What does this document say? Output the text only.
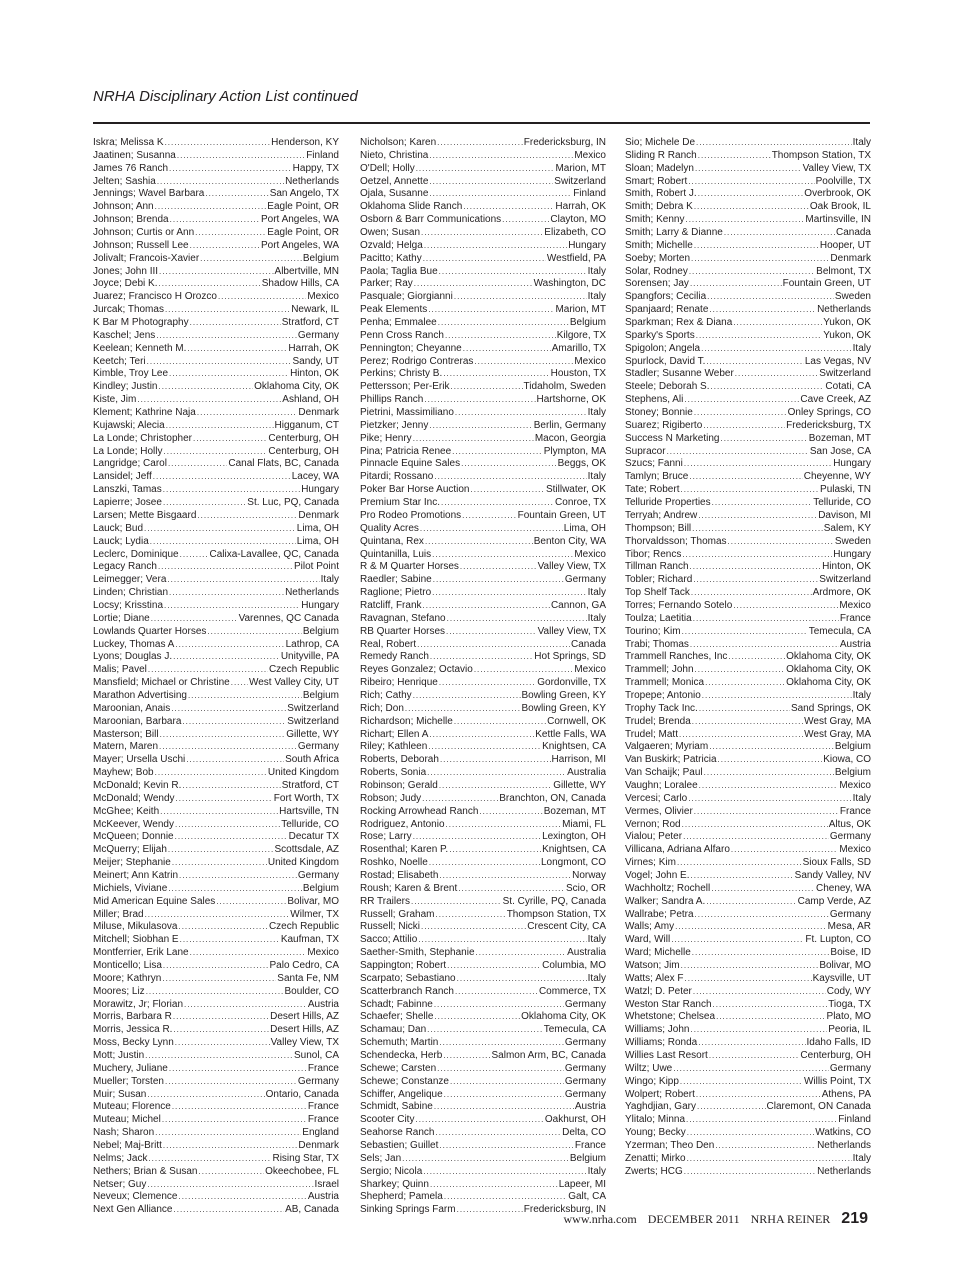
NRHA Disciplinary Action List continued
Iskra; Melissa K .....	Henderson, KY
Jaatinen; Susanna .....	Finland
James 76 Ranch .....	Happy, TX
Jelten; Sashia .....	Netherlands
Jennings; Wavel Barbara .....	San Angelo, TX
Johnson; Ann .....	Eagle Point, OR
Johnson; Brenda .....	Port Angeles, WA
Johnson; Curtis or Ann .....	Eagle Point, OR
Johnson; Russell Lee .....	Port Angeles, WA
Jolivalt; Francois-Xavier .....	Belgium
Jones; John III .....	Albertville, MN
Joyce; Debi K. .....	Shadow Hills, CA
Juarez; Francisco H Orozco .....	Mexico
Jurcak; Thomas .....	Newark, IL
K Bar M Photography .....	Stratford, CT
Kaschel; Jens .....	Germany
Keelean; Kenneth M. .....	Harrah, OK
Keetch; Teri .....	Sandy, UT
Kimble, Troy Lee .....	Hinton, OK
Kindley; Justin .....	Oklahoma City, OK
Kiste, Jim .....	Ashland, OH
Klement; Kathrine Naja .....	Denmark
Kujawski; Alecia .....	Higganum, CT
La Londe; Christopher .....	Centerburg, OH
La Londe; Holly .....	Centerburg, OH
Langridge; Carol .....	Canal Flats, BC, Canada
Lansidel; Jeff .....	Lacey, WA
Lanszki, Tamas .....	Hungary
Lapierre; Josee .....	St. Luc, PQ, Canada
Larsen; Mette Bisgaard .....	Denmark
Lauck; Bud .....	Lima, OH
Lauck; Lydia .....	Lima, OH
Leclerc, Dominique .....	Calixa-Lavallee, QC, Canada
Legacy Ranch .....	Pilot Point
Leimegger; Vera .....	Italy
Linden; Christian .....	Netherlands
Locsy; Krisstina .....	Hungary
Lortie; Diane .....	Varennes, QC Canada
Lowlands Quarter Horses .....	Belgium
Luckey, Thomas A .....	Lathrop, CA
Lyons; Douglas J. .....	Unityville, PA
Malis; Pavel .....	Czech Republic
Mansfield; Michael or Christine ..... West Valley City, UT
Marathon Advertising .....	Belgium
Maroonian, Anais .....	Switzerland
Maroonian, Barbara .....	Switzerland
Masterson; Bill .....	Gillette, WY
Matern, Maren .....	Germany
Mayer; Ursella Uschi .....	South Africa
Mayhew; Bob .....	United Kingdom
McDonald; Kevin R. .....	Stratford, CT
McDonald; Wendy .....	Fort Worth, TX
McGhee; Keith .....	Hartsville, TN
McKeever, Wendy .....	Telluride, CO
McQueen; Donnie .....	Decatur TX
McQuerry; Elijah .....	Scottsdale, AZ
Meijer; Stephanie .....	United Kingdom
Meinert; Ann Katrin .....	Germany
Michiels, Viviane .....	Belgium
Mid American Equine Sales .....	Bolivar, MO
Miller; Brad .....	Wilmer, TX
Miluse, Mikulasova .....	Czech Republic
Mitchell; Siobhan E .....	Kaufman, TX
Montferrier, Erik Lane .....	Mexico
Monticello; Lisa .....	Palo Cedro, CA
Moore; Kathryn .....	Santa Fe, NM
Moores; Liz .....	Boulder, CO
Morawitz, Jr; Florian .....	Austria
Morris, Barbara R .....	Desert Hills, AZ
Morris, Jessica R. .....	Desert Hills, AZ
Moss, Becky Lynn .....	Valley View, TX
Mott; Justin .....	Sunol, CA
Muchery, Juliane .....	France
Mueller; Torsten .....	Germany
Muir; Susan .....	Ontario, Canada
Muteau; Florence .....	France
Muteau; Michel .....	France
Nash; Sharon .....	England
Nebel; Maj-Britt .....	Denmark
Nelms; Jack .....	Rising Star, TX
Nethers; Brian & Susan .....	Okeechobee, FL
Netser; Guy .....	Israel
Neveux; Clemence .....	Austria
Next Gen Alliance .....	AB, Canada
Nicholson; Karen .....	Fredericksburg, IN
Nieto, Christina .....	Mexico
O'Dell; Holly .....	Marion, MT
Oetzel, Annette .....	Switzerland
Ojala, Susanne .....	Finland
Oklahoma Slide Ranch .....	Harrah, OK
Osborn & Barr Communications .....	Clayton, MO
Owen; Susan .....	Elizabeth, CO
Ozvald; Helga .....	Hungary
Pacitto; Kathy .....	Westfield, PA
Paola; Taglia Bue .....	Italy
Parker; Ray .....	Washington, DC
Pasquale; Giorgianni .....	Italy
Peak Elements .....	Marion, MT
Penha; Emmalee .....	Belgium
Penn Cross Ranch .....	Kilgore, TX
Pennington; Cheyanne .....	Amarillo, TX
Perez; Rodrigo Contreras .....	Mexico
Perkins; Christy B. .....	Houston, TX
Pettersson; Per-Erik .....	Tidaholm, Sweden
Phillips Ranch .....	Hartshorne, OK
Pietrini, Massimiliano .....	Italy
Pietzker; Jenny .....	Berlin, Germany
Pike; Henry .....	Macon, Georgia
Pina; Patricia Renee .....	Plympton, MA
Pinnacle Equine Sales .....	Beggs, OK
Pitardi; Rossano .....	Italy
Poker Bar Horse Auction .....	Stillwater, OK
Premium Star Inc. .....	Conroe, TX
Pro Rodeo Promotions .....	Fountain Green, UT
Quality Acres .....	Lima, OH
Quintana, Rex .....	Benton City, WA
Quintanilla, Luis .....	Mexico
R & M Quarter Horses .....	Valley View, TX
Raedler; Sabine .....	Germany
Raglione; Pietro .....	Italy
Ratcliff, Frank .....	Cannon, GA
Ravagnan, Stefano .....	Italy
RB Quarter Horses .....	Valley View, TX
Real, Robert .....	Canada
Remedy Ranch .....	Hot Springs, SD
Reyes Gonzalez; Octavio .....	Mexico
Ribeiro; Henrique .....	Gordonville, TX
Rich; Cathy .....	Bowling Green, KY
Rich; Don .....	Bowling Green, KY
Richardson; Michelle .....	Cornwell, OK
Richart; Ellen A .....	Kettle Falls, WA
Riley; Kathleen .....	Knightsen, CA
Roberts, Deborah .....	Harrison, MI
Roberts, Sonia .....	Australia
Robinson; Gerald .....	Gillette, WY
Robson; Judy .....	Branchton, ON, Canada
Rocking Arrowhead Ranch .....	Bozeman, MT
Rodriguez, Antonio .....	Miami, FL
Rose; Larry .....	Lexington, OH
Rosenthal; Karen P. .....	Knightsen, CA
Roshko, Noelle .....	Longmont, CO
Rostad; Elisabeth .....	Norway
Roush; Karen & Brent .....	Scio, OR
RR Trailers .....	St. Cyrille, PQ, Canada
Russell; Graham .....	Thompson Station, TX
Russell; Nicki .....	Crescent City, CA
Sacco; Attilio .....	Italy
Saether-Smith, Stephanie .....	Australia
Sappington; Robert .....	Columbia, MO
Scarpato; Sebastiano .....	Italy
Scatterbranch Ranch .....	Commerce, TX
Schadt; Fabinne .....	Germany
Schaefer; Shelle .....	Oklahoma City, OK
Schamau; Dan .....	Temecula, CA
Schemuth; Martin .....	Germany
Schendecka, Herb .....	Salmon Arm, BC, Canada
Schewe; Carsten .....	Germany
Schewe; Constanze .....	Germany
Schiffer, Angelique .....	Germany
Schmidt, Sabine .....	Austria
Scooter City .....	Oakhurst, OH
Seahorse Ranch .....	Delta, CO
Sebastien; Guillet .....	France
Sels; Jan .....	Belgium
Sergio; Nicola .....	Italy
Sharkey; Quinn .....	Lapeer, MI
Shepherd; Pamela .....	Galt, CA
Sinking Springs Farm .....	Fredericksburg, IN
Sio; Michele De .....	Italy
Sliding R Ranch .....	Thompson Station, TX
Sloan; Madelyn .....	Valley View, TX
Smart; Robert .....	Poolville, TX
Smith, Robert J. .....	Overbrook, OK
Smith; Debra K .....	Oak Brook, IL
Smith; Kenny .....	Martinsville, IN
Smith; Larry & Dianne .....	Canada
Smith; Michelle .....	Hooper, UT
Soeby; Morten .....	Denmark
Solar, Rodney .....	Belmont, TX
Sorensen; Jay .....	Fountain Green, UT
Spangfors; Cecilia .....	Sweden
Spanjaard; Renate .....	Netherlands
Sparkman; Rex & Diana .....	Yukon, OK
Sparky's Sports .....	Yukon, OK
Spigolon; Angela .....	Italy
Spurlock, David T. .....	Las Vegas, NV
Stadler; Susanne Weber .....	Switzerland
Steele; Deborah S. .....	Cotati, CA
Stephens, Ali .....	Cave Creek, AZ
Stoney; Bonnie .....	Onley Springs, CO
Suarez; Rigiberto .....	Fredericksburg, TX
Success N Marketing .....	Bozeman, MT
Supracor .....	San Jose, CA
Szucs; Fanni .....	Hungary
Tamlyn; Bruce .....	Cheyenne, WY
Tate; Robert .....	Pulaski, TN
Telluride Properties .....	Telluride, CO
Terryah; Andrew .....	Davison, MI
Thompson; Bill .....	Salem, KY
Thorvaldsson; Thomas .....	Sweden
Tibor; Rencs .....	Hungary
Tillman Ranch .....	Hinton, OK
Tobler; Richard .....	Switzerland
Top Shelf Tack .....	Ardmore, OK
Torres; Fernando Sotelo .....	Mexico
Toulza; Laetitia .....	France
Tourino; Kim .....	Temecula, CA
Trabi; Thomas .....	Austria
Trammell Ranches, Inc .....	Oklahoma City, OK
Trammell; John .....	Oklahoma City, OK
Trammell; Monica .....	Oklahoma City, OK
Tropepe; Antonio .....	Italy
Trophy Tack Inc. .....	Sand Springs, OK
Trudel; Brenda .....	West Gray, MA
Trudel; Matt .....	West Gray, MA
Valgaeren; Myriam .....	Belgium
Van Buskirk; Patricia .....	Kiowa, CO
Van Schaijk; Paul .....	Belgium
Vaughn; Loralee .....	Mexico
Vercesi; Carlo .....	Italy
Vermes, Olivier .....	France
Vernon; Rod .....	Altus, OK
Vialou; Peter .....	Germany
Villicana, Adriana Alfaro .....	Mexico
Virnes; Kim .....	Sioux Falls, SD
Vogel; John E. .....	Sandy Valley, NV
Wachholtz; Rochell .....	Cheney, WA
Walker; Sandra A. .....	Camp Verde, AZ
Wallrabe; Petra .....	Germany
Walls; Amy .....	Mesa, AR
Ward, Will .....	Ft. Lupton, CO
Ward; Michelle .....	Boise, ID
Watson; Jim .....	Bolivar, MO
Watts; Alex F .....	Kaysville, UT
Watzl; D. Peter .....	Cody, WY
Weston Star Ranch .....	Tioga, TX
Whetstone; Chelsea .....	Plato, MO
Williams; John .....	Peoria, IL
Williams; Ronda .....	Idaho Falls, ID
Willies Last Resort .....	Centerburg, OH
Wiltz; Uwe .....	Germany
Wingo; Kipp .....	Willis Point, TX
Wolpert; Robert .....	Athens, PA
Yaghdjian, Gary .....	Claremont, ON Canada
Ylitalo; Minna .....	Finland
Young; Becky .....	Watkins, CO
Yzerman; Theo Den .....	Netherlands
Zenatti; Mirko .....	Italy
Zwerts; HCG .....	Netherlands
www.nrha.com DECEMBER 2011 NRHA REINER 219
